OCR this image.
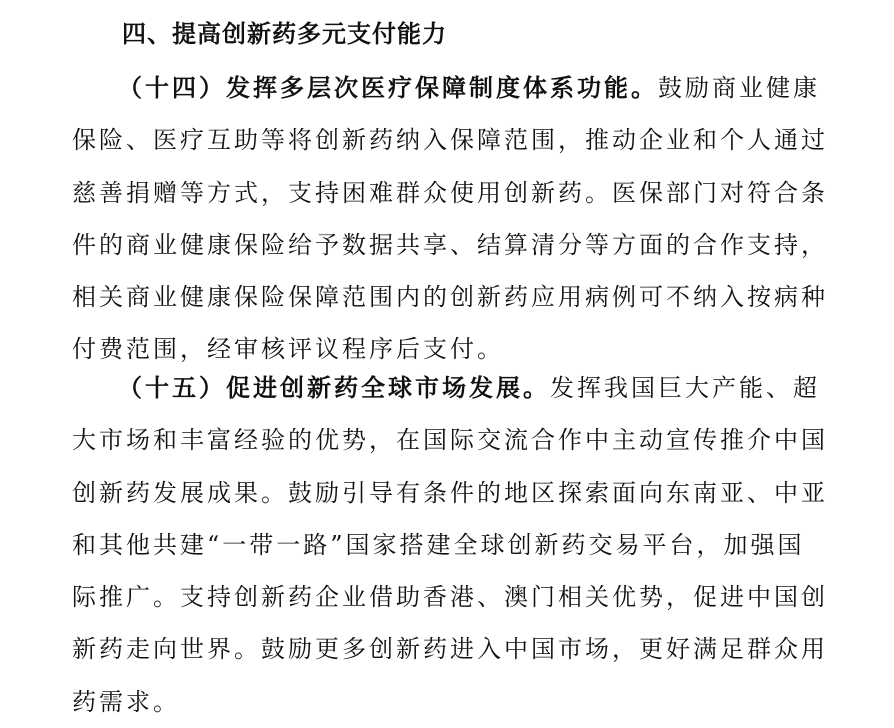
四、提高创新药多元支付能力

（十四）发挥多层次医疗保障制度体系功能。鼓励商业健康
保险、医疗互助等将创新药纳入保障范围，推动企业和个人通过
慈善捐赠等方式，支持困难群众使用创新药。医保部门对符合条
件的商业健康保险给予数据共享、结算清分等方面的合作支持，
相关商业健康保险保障范围内的创新药应用病例可不纳入按病种
付费范围，经审核评议程序后支付。

（十五）促进创新药全球市场发展。发挥我国巨大产能、超
大市场和丰富经验的优势，在国际交流合作中主动宣传推介中国
创新药发展成果。鼓励引导有条件的地区探索面向东南亚、中亚
和其他共建“一带一路”国家搭建全球创新药交易平台，加强国
际推广。支持创新药企业借助香港、澳门相关优势，促进中国创
新药走向世界。鼓励更多创新药进入中国市场，更好满足群众用
药需求。
